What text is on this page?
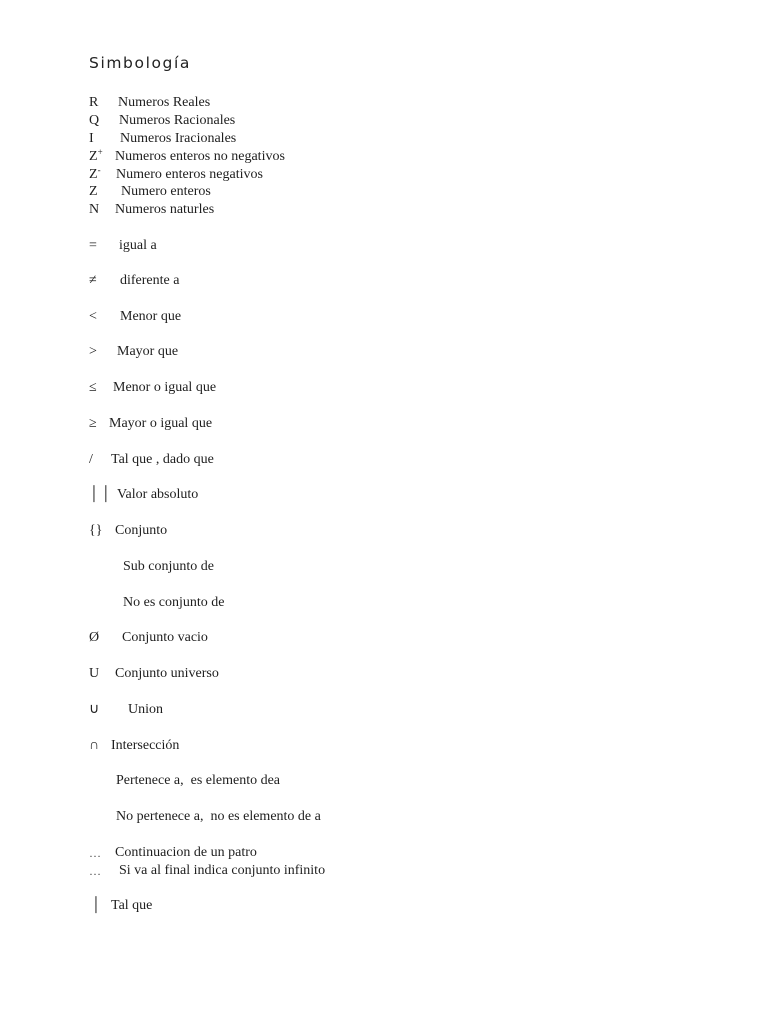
Simbología
R Numeros Reales
Q Numeros Racionales
I Numeros Iracionales
Z+ Numeros enteros no negativos
Z- Numero enteros negativos
Z Numero enteros
N Numeros naturles
= igual a
≠ diferente a
< Menor que
> Mayor que
≤ Menor o igual que
≥ Mayor o igual que
/ Tal que , dado que
││ Valor absoluto
{} Conjunto
Sub conjunto de
No es conjunto de
Ø Conjunto vacio
U Conjunto universo
∪ Union
∩ Intersección
Pertenece a,  es elemento dea
No pertenece a,  no es elemento de a
… Continuacion de un patro
… Si va al final indica conjunto infinito
│ Tal que
